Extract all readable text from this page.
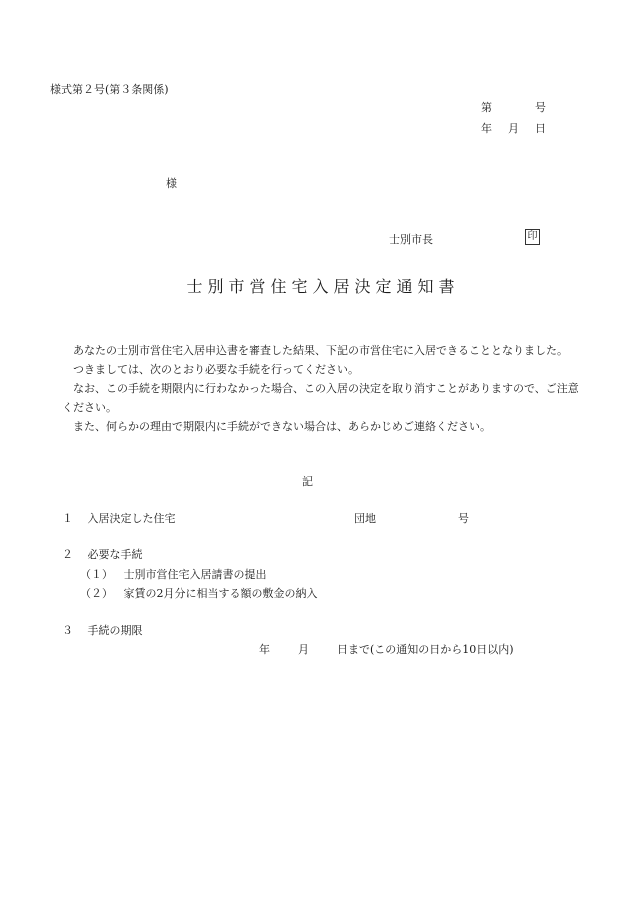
様式第２号(第３条関係)
第	号
年 月 日
様
士別市長	印
士別市営住宅入居決定通知書

あなたの士別市営住宅入居申込書を審査した結果、下記の市営住宅に入居できることとなりました。

つきましては、次のとおり必要な手続を行ってください。

なお、この手続を期限内に行わなかった場合、この入居の決定を取り消すことがありますので、ご注意ください。

また、何らかの理由で期限内に手続ができない場合は、あらかじめご連絡ください。

記
１ 入居決定した住宅	団地	号
２ 必要な手続
（１） 士別市営住宅入居請書の提出
（２） 家賃の2月分に相当する額の敷金の納入
３ 手続の期限
年	月	日まで(この通知の日から10日以内)
